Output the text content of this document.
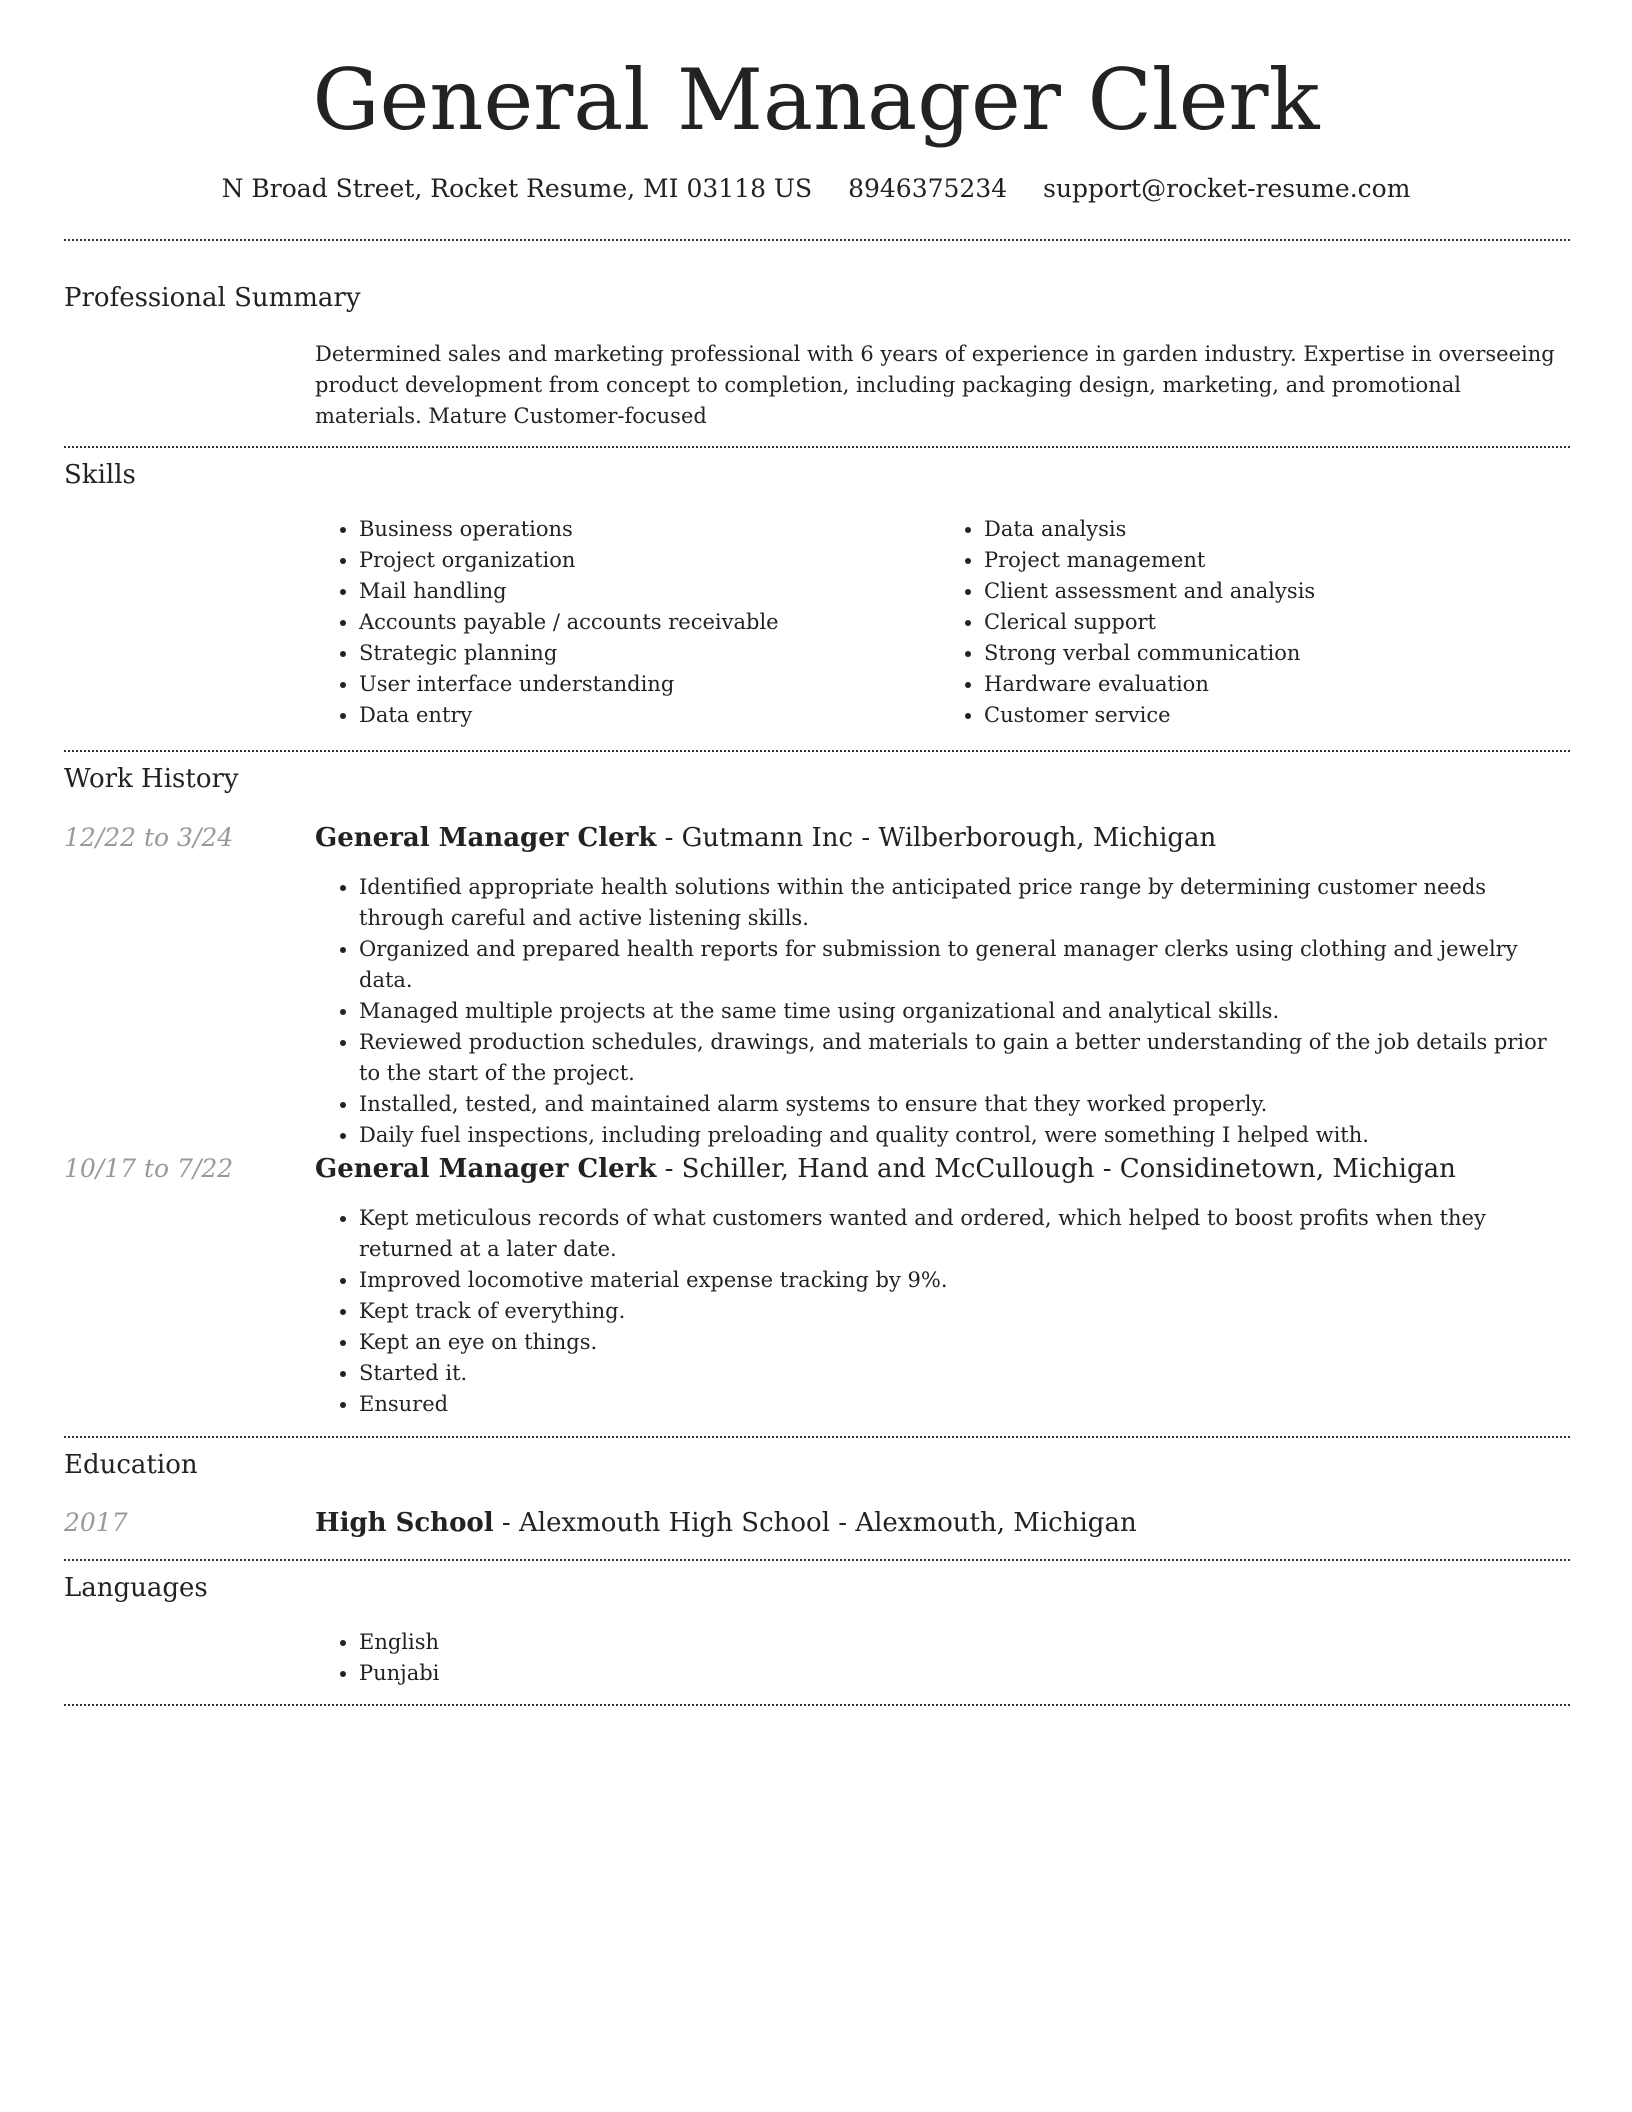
General Manager Clerk
N Broad Street, Rocket Resume, MI 03118 US 8946375234 support@rocket-resume.com
Professional Summary

Determined sales and marketing professional with 6 years of experience in garden industry. Expertise in overseeing product development from concept to completion, including packaging design, marketing, and promotional materials. Mature Customer-focused

Skills
• Business operations
• Project organization
• Mail handling
• Accounts payable / accounts receivable
• Strategic planning
• User interface understanding
• Data entry
• Data analysis
• Project management
• Client assessment and analysis
• Clerical support
• Strong verbal communication
• Hardware evaluation
• Customer service
Work History
12/22 to 3/24	General Manager Clerk - Gutmann Inc - Wilberborough, Michigan
• Identified appropriate health solutions within the anticipated price range by determining customer needs through careful and active listening skills.
• Organized and prepared health reports for submission to general manager clerks using clothing and jewelry data.
• Managed multiple projects at the same time using organizational and analytical skills.
• Reviewed production schedules, drawings, and materials to gain a better understanding of the job details prior to the start of the project.
• Installed, tested, and maintained alarm systems to ensure that they worked properly.
• Daily fuel inspections, including preloading and quality control, were something I helped with.
10/17 to 7/22	General Manager Clerk - Schiller, Hand and McCullough - Considinetown, Michigan
• Kept meticulous records of what customers wanted and ordered, which helped to boost profits when they returned at a later date.
• Improved locomotive material expense tracking by 9%.
• Kept track of everything.
• Kept an eye on things.
• Started it.
• Ensured
Education
2017	High School - Alexmouth High School - Alexmouth, Michigan
Languages
• English
• Punjabi
